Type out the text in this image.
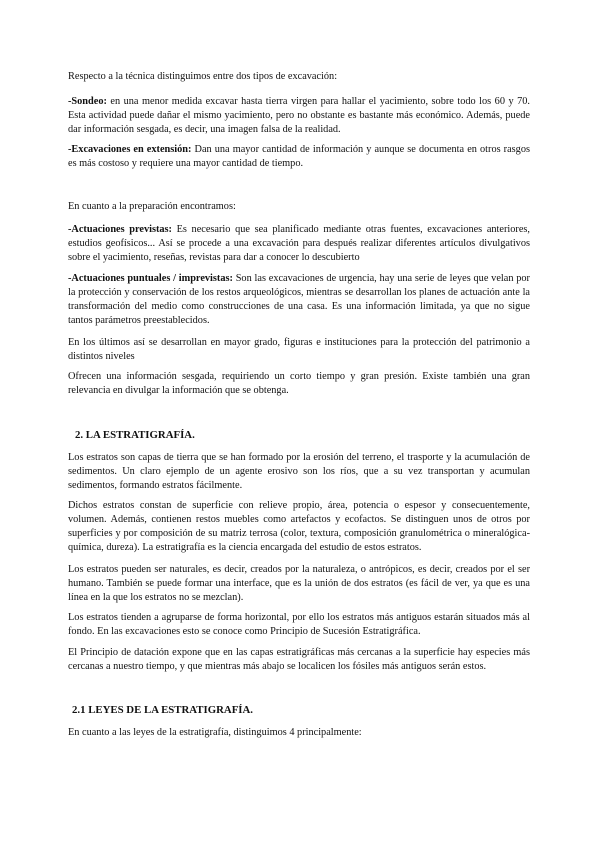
Respecto a la técnica distinguimos entre dos tipos de excavación:

-Sondeo: en una menor medida excavar hasta tierra virgen para hallar el yacimiento, sobre todo los 60 y 70. Esta actividad puede dañar el mismo yacimiento, pero no obstante es bastante más económico. Además, puede dar información sesgada, es decir, una imagen falsa de la realidad.

-Excavaciones en extensión: Dan una mayor cantidad de información y aunque se documenta en otros rasgos es más costoso y requiere una mayor cantidad de tiempo.

En cuanto a la preparación encontramos:

-Actuaciones previstas: Es necesario que sea planificado mediante otras fuentes, excavaciones anteriores, estudios geofísicos... Así se procede a una excavación para después realizar diferentes artículos divulgativos sobre el yacimiento, reseñas, revistas para dar a conocer lo descubierto

-Actuaciones puntuales / imprevistas: Son las excavaciones de urgencia, hay una serie de leyes que velan por la protección y conservación de los restos arqueológicos, mientras se desarrollan los planes de actuación ante la transformación del medio como construcciones de una casa. Es una información limitada, ya que no sigue tantos parámetros preestablecidos.

En los últimos así se desarrollan en mayor grado, figuras e instituciones para la protección del patrimonio a distintos niveles

Ofrecen una información sesgada, requiriendo un corto tiempo y gran presión. Existe también una gran relevancia en divulgar la información que se obtenga.

2. LA ESTRATIGRAFÍA.

Los estratos son capas de tierra que se han formado por la erosión del terreno, el trasporte y la acumulación de sedimentos. Un claro ejemplo de un agente erosivo son los ríos, que a su vez transportan y acumulan sedimentos, formando estratos fácilmente.

Dichos estratos constan de superficie con relieve propio, área, potencia o espesor y consecuentemente, volumen. Además, contienen restos muebles como artefactos y ecofactos. Se distinguen unos de otros por superficies y por composición de su matriz terrosa (color, textura, composición granulométrica o mineralógica-química, dureza). La estratigrafía es la ciencia encargada del estudio de estos estratos.

Los estratos pueden ser naturales, es decir, creados por la naturaleza, o antrópicos, es decir, creados por el ser humano. También se puede formar una interface, que es la unión de dos estratos (es fácil de ver, ya que es una línea en la que los estratos no se mezclan).

Los estratos tienden a agruparse de forma horizontal, por ello los estratos más antiguos estarán situados más al fondo. En las excavaciones esto se conoce como Principio de Sucesión Estratigráfica.

El Principio de datación expone que en las capas estratigráficas más cercanas a la superficie hay especies más cercanas a nuestro tiempo, y que mientras más abajo se localicen los fósiles más antiguos serán estos.

2.1 LEYES DE LA ESTRATIGRAFÍA.

En cuanto a las leyes de la estratigrafía, distinguimos 4 principalmente:
